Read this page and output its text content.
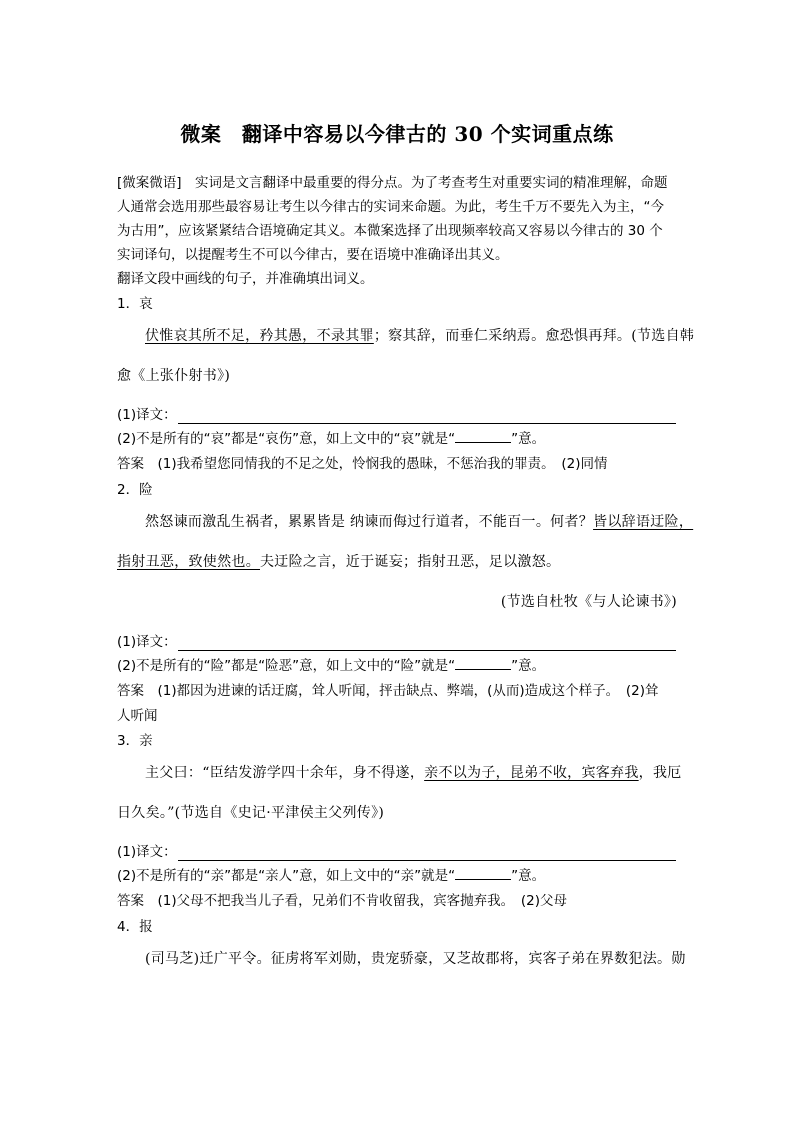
微案　翻译中容易以今律古的 30 个实词重点练
[微案微语]　 实词是文言翻译中最重要的得分点。为了考查考生对重要实词的精准理解，命题
人通常会选用那些最容易让考生以今律古的实词来命题。为此，考生千万不要先入为主，“今
为古用”，应该紧紧结合语境确定其义。本微案选择了出现频率较高又容易以今律古的 30 个
实词译句，以提醒考生不可以今律古，要在语境中准确译出其义。
翻译文段中画线的句子，并准确填出词义。
1．哀
伏惟哀其所不足，矜其愚，不录其罪；察其辞，而垂仁采纳焉。愈恐惧再拜。(节选自韩
愈《上张仆射书》)
(1)译文：
(2)不是所有的“哀”都是“哀伤”意，如上文中的“哀”就是“	”意。
答案　 (1)我希望您同情我的不足之处，怜悯我的愚昧，不惩治我的罪责。　(2)同情
2．险
然怒谏而激乱生祸者，累累皆是 纳谏而侮过行道者，不能百一。何者？皆以辞语迂险，
指射丑恶，致使然也。夫迂险之言，近于诞妄；指射丑恶，足以激怒。
(节选自杜牧《与人论谏书》)
(1)译文：
(2)不是所有的“险”都是“险恶”意，如上文中的“险”就是“	”意。
答案　 (1)都因为进谏的话迂腐，耸人听闻，抨击缺点、弊端，(从而)造成这个样子。　(2)耸
人听闻
3．亲
主父曰：“臣结发游学四十余年，身不得遂，亲不以为子，昆弟不收，宾客弃我，我厄
日久矣。”(节选自《史记·平津侯主父列传》)
(1)译文：
(2)不是所有的“亲”都是“亲人”意，如上文中的“亲”就是“	”意。
答案　 (1)父母不把我当儿子看，兄弟们不肯收留我，宾客抛弃我。　(2)父母
4．报
(司马芝)迁广平令。征虏将军刘勋，贵宠骄豪，又芝故郡将，宾客子弟在界数犯法。勋
